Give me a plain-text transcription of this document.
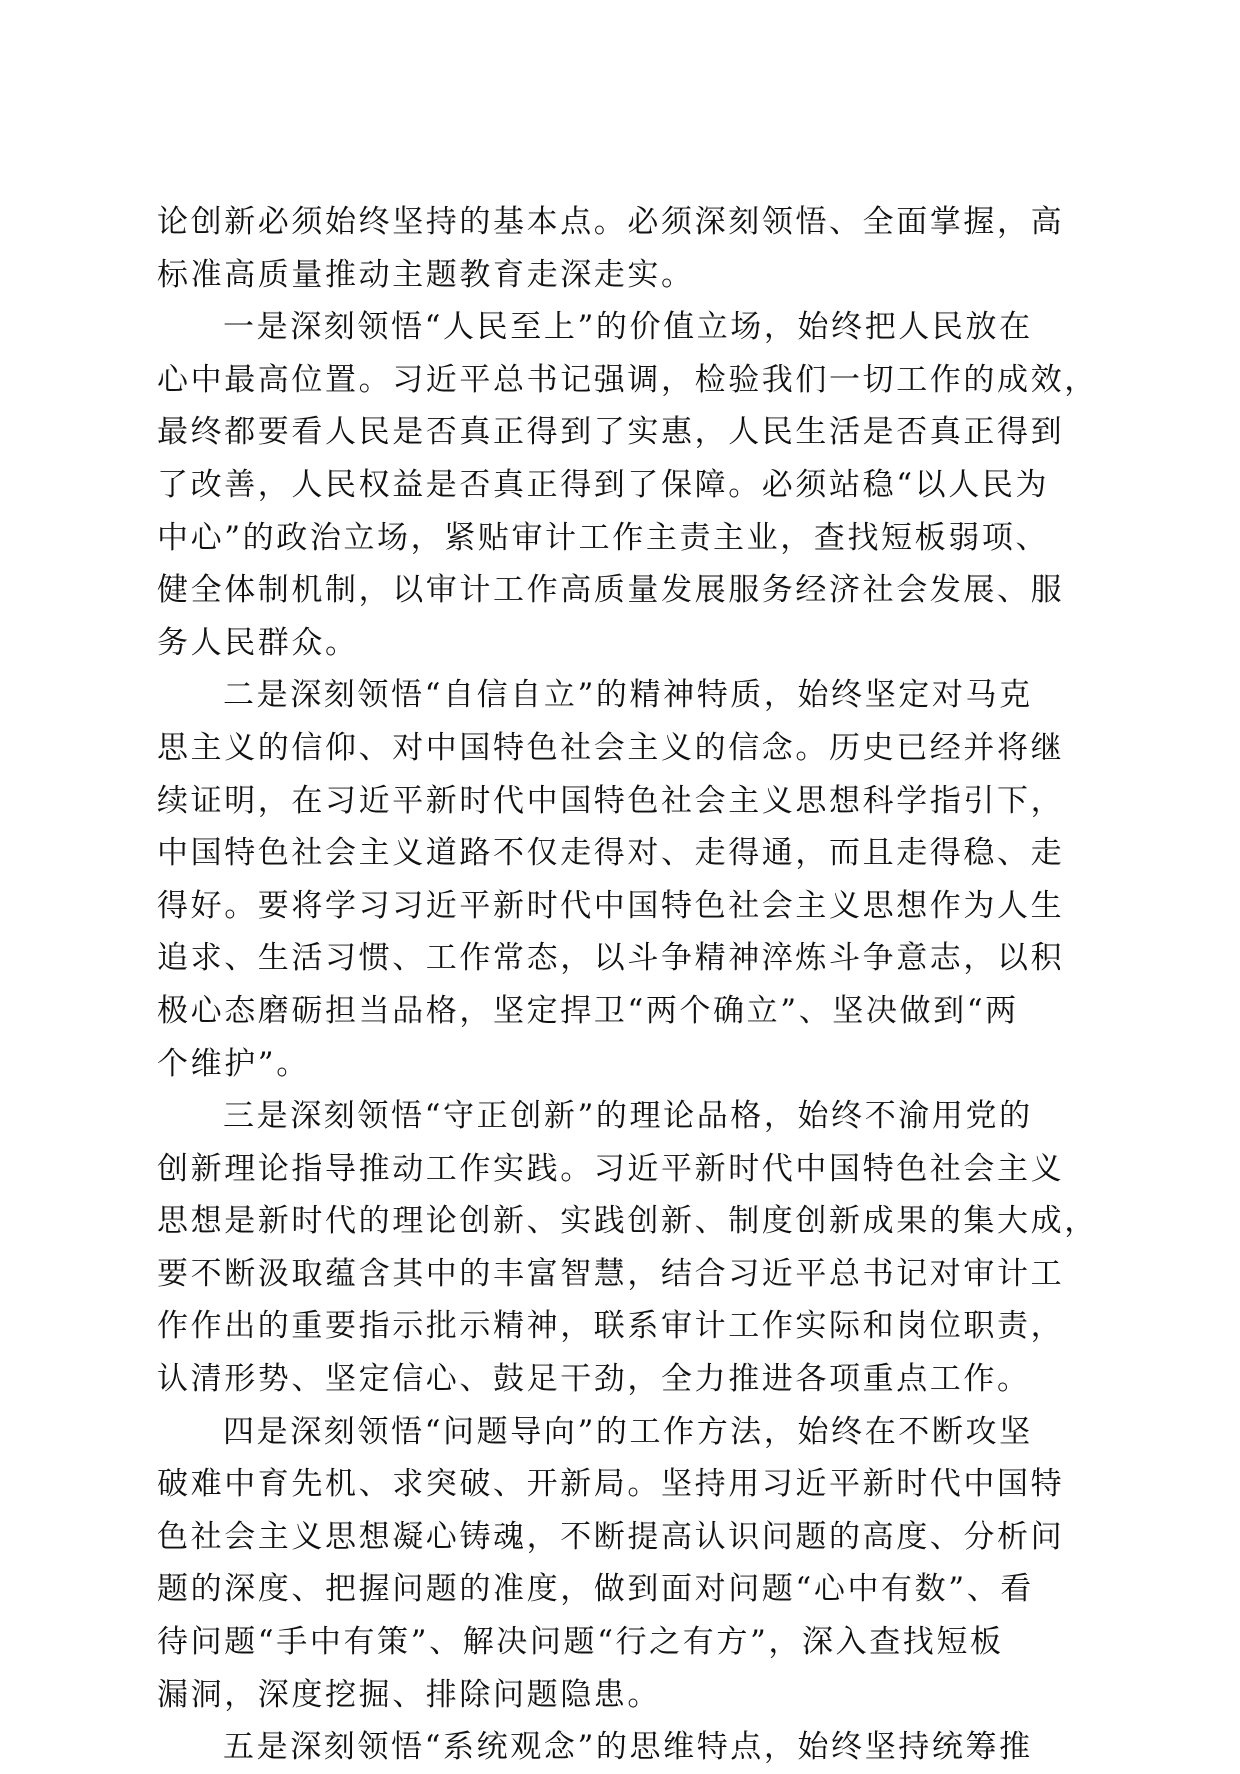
论创新必须始终坚持的基本点。必须深刻领悟、全面掌握，高
标准高质量推动主题教育走深走实。
一是深刻领悟“人民至上”的价值立场，始终把人民放在
心中最高位置。习近平总书记强调，检验我们一切工作的成效，
最终都要看人民是否真正得到了实惠，人民生活是否真正得到
了改善，人民权益是否真正得到了保障。必须站稳“以人民为
中心”的政治立场，紧贴审计工作主责主业，查找短板弱项、
健全体制机制，以审计工作高质量发展服务经济社会发展、服
务人民群众。
二是深刻领悟“自信自立”的精神特质，始终坚定对马克
思主义的信仰、对中国特色社会主义的信念。历史已经并将继
续证明，在习近平新时代中国特色社会主义思想科学指引下，
中国特色社会主义道路不仅走得对、走得通，而且走得稳、走
得好。要将学习习近平新时代中国特色社会主义思想作为人生
追求、生活习惯、工作常态，以斗争精神淬炼斗争意志，以积
极心态磨砺担当品格，坚定捍卫“两个确立”、坚决做到“两
个维护”。
三是深刻领悟“守正创新”的理论品格，始终不渝用党的
创新理论指导推动工作实践。习近平新时代中国特色社会主义
思想是新时代的理论创新、实践创新、制度创新成果的集大成，
要不断汲取蕴含其中的丰富智慧，结合习近平总书记对审计工
作作出的重要指示批示精神，联系审计工作实际和岗位职责，
认清形势、坚定信心、鼓足干劲，全力推进各项重点工作。
四是深刻领悟“问题导向”的工作方法，始终在不断攻坚
破难中育先机、求突破、开新局。坚持用习近平新时代中国特
色社会主义思想凝心铸魂，不断提高认识问题的高度、分析问
题的深度、把握问题的准度，做到面对问题“心中有数”、看
待问题“手中有策”、解决问题“行之有方”，深入查找短板
漏洞，深度挖掘、排除问题隐患。
五是深刻领悟“系统观念”的思维特点，始终坚持统筹推
